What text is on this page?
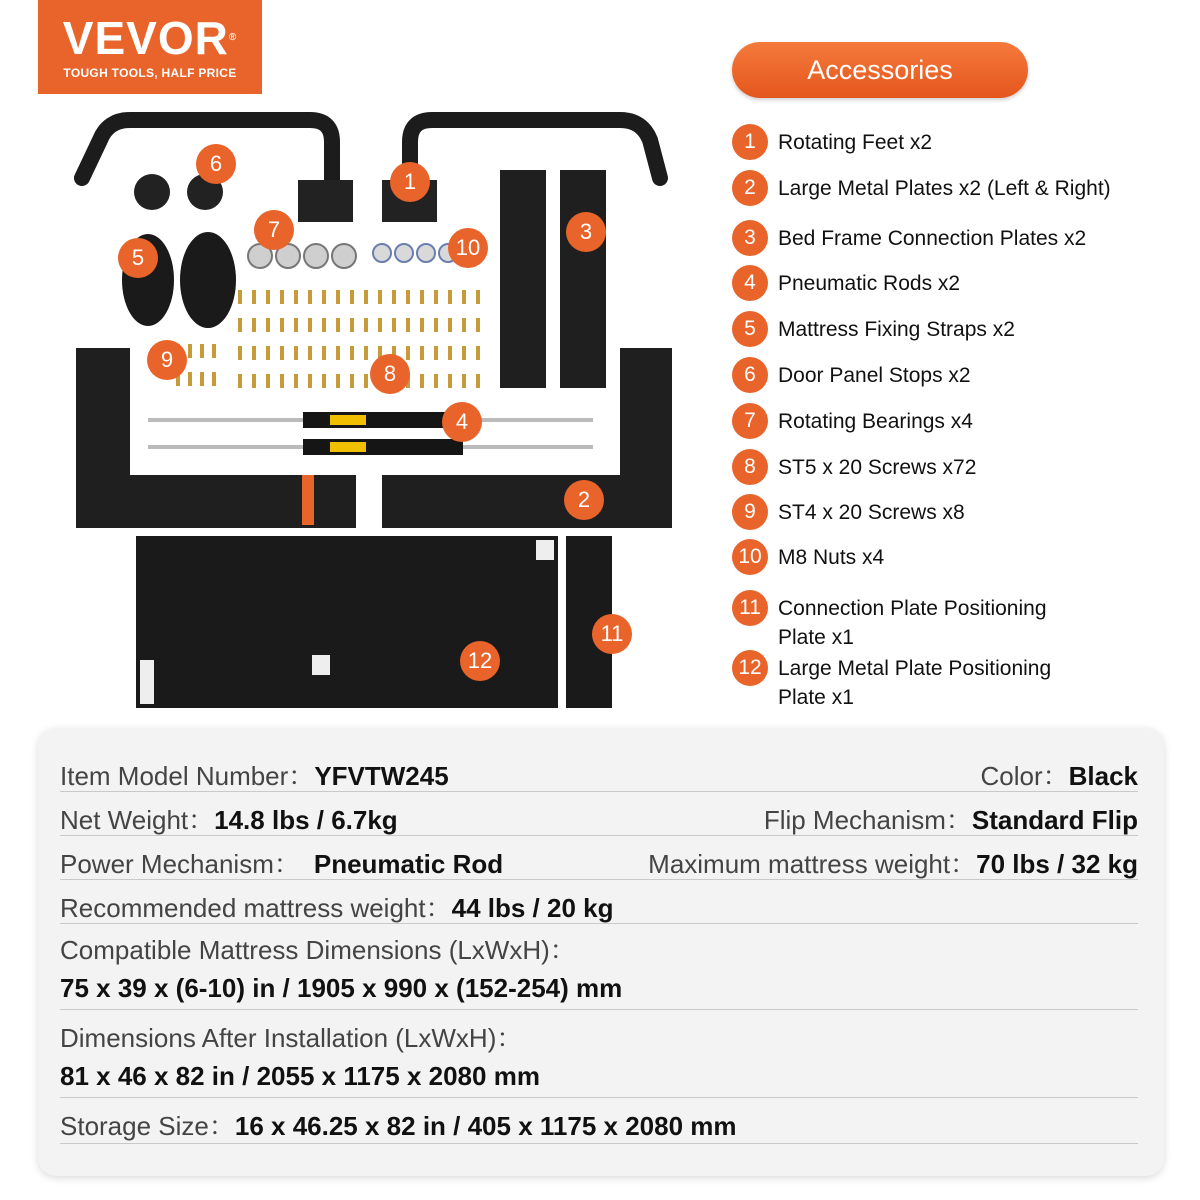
VEVOR®
TOUGH TOOLS, HALF PRICE	Accessories
1	Rotating Feet x2
2	Large Metal Plates x2 (Left & Right)
3	Bed Frame Connection Plates x2
4	Pneumatic Rods x2
5	Mattress Fixing Straps x2
6	Door Panel Stops x2
7	Rotating Bearings x4
8	ST5 x 20 Screws x72
9	ST4 x 20 Screws x8
10 M8 Nuts x4
11 Connection Plate Positioning Plate x1
12 Large Metal Plate Positioning Plate x1
1
2
3
4
5
6
7
8
9
10
11
12
Item Model Number：YFVTW245	Color：Black
Net Weight：14.8 lbs / 6.7kg	Flip Mechanism：Standard Flip
Power Mechanism： Pneumatic Rod	Maximum mattress weight：70 lbs / 32 kg
Recommended mattress weight：44 lbs / 20 kg
Compatible Mattress Dimensions (LxWxH)：
75 x 39 x (6-10) in / 1905 x 990 x (152-254) mm
Dimensions After Installation (LxWxH)：
81 x 46 x 82 in / 2055 x 1175 x 2080 mm
Storage Size：16 x 46.25 x 82 in / 405 x 1175 x 2080 mm
